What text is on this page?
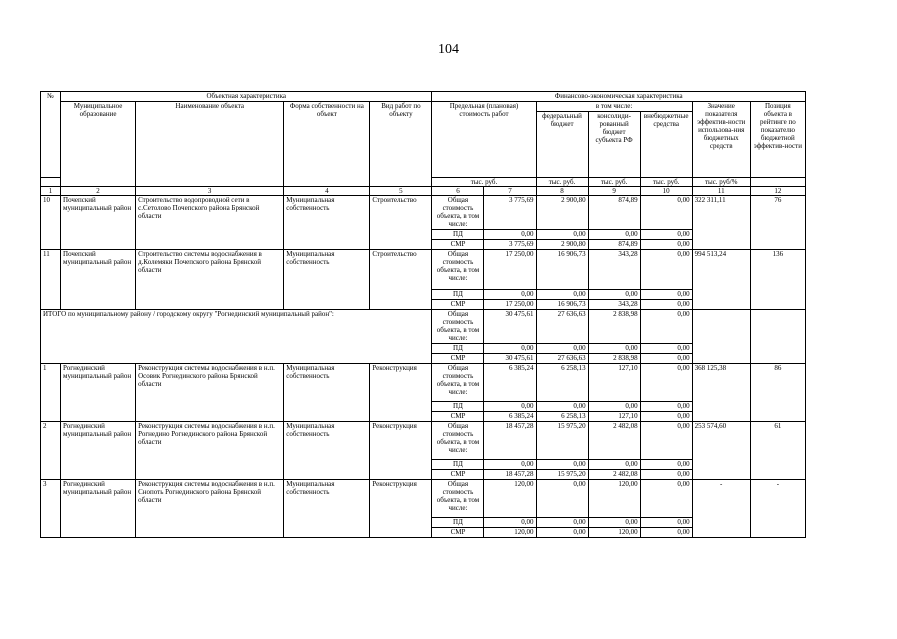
104
№	Объектная характеристика				Финансово-экономическая характеристика						
	Муниципальное образование	Наименование объекта	Форма собственности на объект	Вид работ по объекту	Предельная (плановая) стоимость работ		в том числе:			Значение показателя эффектив-ности использова-ния бюджетных средств	Позиция объекта в рейтинге по показателю бюджетной эффектив-ности
							федеральный бюджет	консолиди-рованный бюджет субъекта РФ	внебюджетные средства		
					тыс. руб.		тыс. руб.	тыс. руб.	тыс. руб.	тыс. руб/%	
1	2	3	4	5	6	7	8	9	10	11	12
10	Почепский муниципальный район	Строительство водопроводной сети в с.Сетолово Почепского района Брянской области	Муниципальная собственность	Строительство	Общая стоимость объекта, в том числе:	3 775,69	2 900,80	874,89	0,00	322 311,11	76
					ПД	0,00	0,00	0,00	0,00		
					СМР	3 775,69	2 900,80	874,89	0,00		
11	Почепский муниципальный район	Строительство системы водоснабжения в д.Колемяки Почепского района Брянской области	Муниципальная собственность	Строительство	Общая стоимость объекта, в том числе:	17 250,00	16 906,73	343,28	0,00	994 513,24	136
					ПД	0,00	0,00	0,00	0,00		
					СМР	17 250,00	16 906,73	343,28	0,00		
ИТОГО по муниципальному району / городскому округу "Рогнединский муниципальный район":					Общая стоимость объекта, в том числе:	30 475,61	27 636,63	2 838,98	0,00		
					ПД	0,00	0,00	0,00	0,00		
					СМР	30 475,61	27 636,63	2 838,98	0,00		
1	Рогнединский муниципальный район	Реконструкция системы водоснабжения в н.п. Осовик Рогнединского района Брянской области	Муниципальная собственность	Реконструкция	Общая стоимость объекта, в том числе:	6 385,24	6 258,13	127,10	0,00	368 125,38	86
					ПД	0,00	0,00	0,00	0,00		
					СМР	6 385,24	6 258,13	127,10	0,00		
2	Рогнединский муниципальный район	Реконструкция системы водоснабжения в н.п. Рогнедино Рогнединского района Брянской области	Муниципальная собственность	Реконструкция	Общая стоимость объекта, в том числе:	18 457,28	15 975,20	2 482,08	0,00	253 574,60	61
					ПД	0,00	0,00	0,00	0,00		
					СМР	18 457,28	15 975,20	2 482,08	0,00		
3	Рогнединский муниципальный район	Реконструкция системы водоснабжения в н.п. Снопоть Рогнединского района Брянской области	Муниципальная собственность	Реконструкция	Общая стоимость объекта, в том числе:	120,00	0,00	120,00	0,00	-	-
					ПД	0,00	0,00	0,00	0,00		
					СМР	120,00	0,00	120,00	0,00		
